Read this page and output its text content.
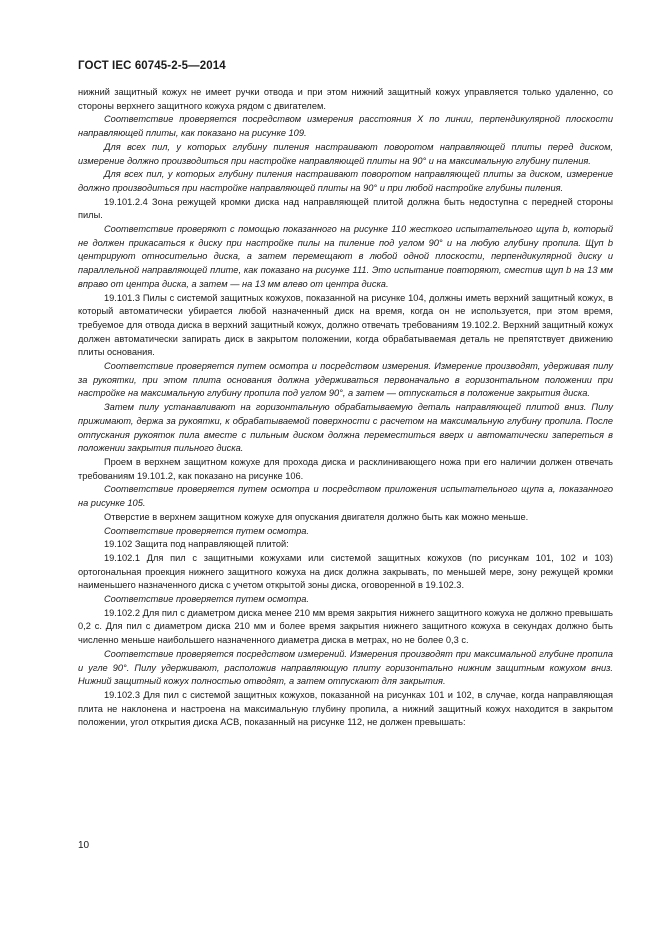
ГОСТ IEC 60745-2-5—2014

нижний защитный кожух не имеет ручки отвода и при этом нижний защитный кожух управляется только удаленно, со стороны верхнего защитного кожуха рядом с двигателем.

Соответствие проверяется посредством измерения расстояния X по линии, перпендикулярной плоскости направляющей плиты, как показано на рисунке 109.

Для всех пил, у которых глубину пиления настраивают поворотом направляющей плиты перед диском, измерение должно производиться при настройке направляющей плиты на 90° и на максимальную глубину пиления.

Для всех пил, у которых глубину пиления настраивают поворотом направляющей плиты за диском, измерение должно производиться при настройке направляющей плиты на 90° и при любой настройке глубины пиления.

19.101.2.4 Зона режущей кромки диска над направляющей плитой должна быть недоступна с передней стороны пилы.

Соответствие проверяют с помощью показанного на рисунке 110 жесткого испытательного щупа b, который не должен прикасаться к диску при настройке пилы на пиление под углом 90° и на любую глубину пропила. Щуп b центрируют относительно диска, а затем перемещают в любой одной плоскости, перпендикулярной диску и параллельной направляющей плите, как показано на рисунке 111. Это испытание повторяют, сместив щуп b на 13 мм вправо от центра диска, а затем — на 13 мм влево от центра диска.

19.101.3 Пилы с системой защитных кожухов, показанной на рисунке 104, должны иметь верхний защитный кожух, в который автоматически убирается любой назначенный диск на время, когда он не используется, при этом время, требуемое для отвода диска в верхний защитный кожух, должно отвечать требованиям 19.102.2. Верхний защитный кожух должен автоматически запирать диск в закрытом положении, когда обрабатываемая деталь не препятствует движению плиты основания.

Соответствие проверяется путем осмотра и посредством измерения. Измерение производят, удерживая пилу за рукоятки, при этом плита основания должна удерживаться первоначально в горизонтальном положении при настройке на максимальную глубину пропила под углом 90°, а затем — отпускаться в положение закрытия диска.

Затем пилу устанавливают на горизонтальную обрабатываемую деталь направляющей плитой вниз. Пилу прижимают, держа за рукоятки, к обрабатываемой поверхности с расчетом на максимальную глубину пропила. После отпускания рукояток пила вместе с пильным диском должна переместиться вверх и автоматически запереться в положении закрытия пильного диска.

Проем в верхнем защитном кожухе для прохода диска и расклинивающего ножа при его наличии должен отвечать требованиям 19.101.2, как показано на рисунке 106.

Соответствие проверяется путем осмотра и посредством приложения испытательного щупа a, показанного на рисунке 105.

Отверстие в верхнем защитном кожухе для опускания двигателя должно быть как можно меньше.

Соответствие проверяется путем осмотра.

19.102 Защита под направляющей плитой:

19.102.1 Для пил с защитными кожухами или системой защитных кожухов (по рисункам 101, 102 и 103) ортогональная проекция нижнего защитного кожуха на диск должна закрывать, по меньшей мере, зону режущей кромки наименьшего назначенного диска с учетом открытой зоны диска, оговоренной в 19.102.3.

Соответствие проверяется путем осмотра.

19.102.2 Для пил с диаметром диска менее 210 мм время закрытия нижнего защитного кожуха не должно превышать 0,2 с. Для пил с диаметром диска 210 мм и более время закрытия нижнего защитного кожуха в секундах должно быть численно меньше наибольшего назначенного диаметра диска в метрах, но не более 0,3 с.

Соответствие проверяется посредством измерений. Измерения производят при максимальной глубине пропила и угле 90°. Пилу удерживают, расположив направляющую плиту горизонтально нижним защитным кожухом вниз. Нижний защитный кожух полностью отводят, а затем отпускают для закрытия.

19.102.3 Для пил с системой защитных кожухов, показанной на рисунках 101 и 102, в случае, когда направляющая плита не наклонена и настроена на максимальную глубину пропила, а нижний защитный кожух находится в закрытом положении, угол открытия диска ACB, показанный на рисунке 112, не должен превышать:

10
